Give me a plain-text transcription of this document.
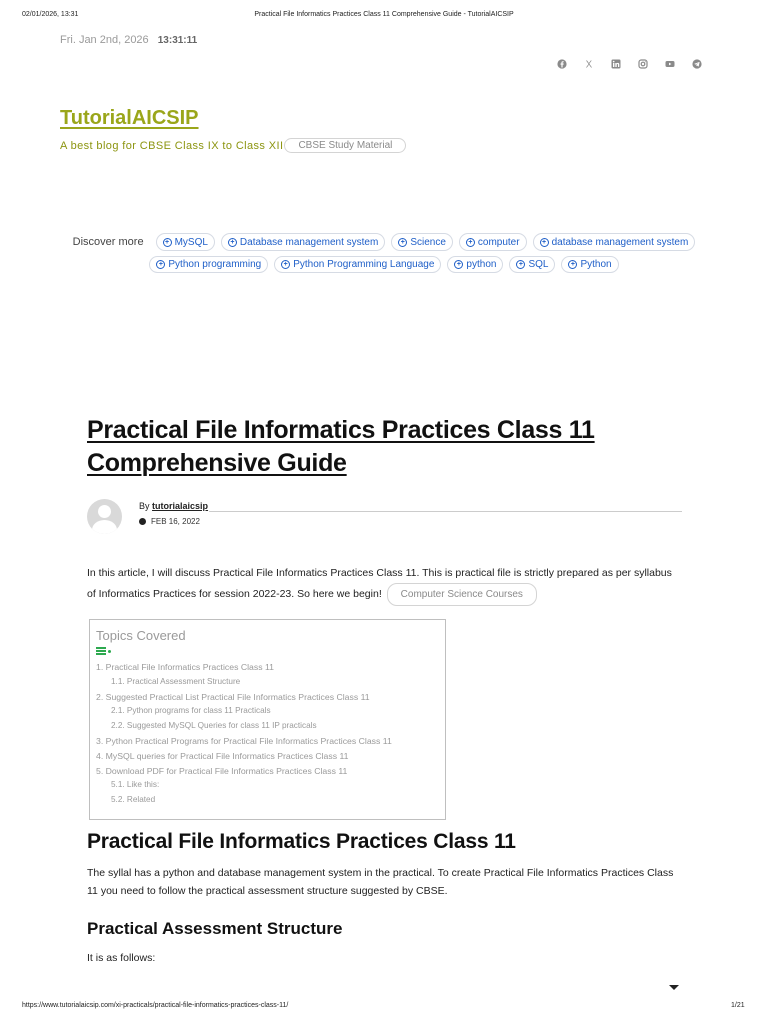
02/01/2026, 13:31	Practical File Informatics Practices Class 11 Comprehensive Guide - TutorialAICSIP
Fri. Jan 2nd, 2026 13:31:11
TutorialAICSIP
A best blog for CBSE Class IX to Class XII	CBSE Study Material
Discover more	+ MySQL	+ Database management system	+ Science	+ computer	+ database management system
+ Python programming	+ Python Programming Language	+ python	+ SQL	+ Python
Practical File Informatics Practices Class 11 Comprehensive Guide
By tutorialaicsip
FEB 16, 2022
In this article, I will discuss Practical File Informatics Practices Class 11. This is practical file is strictly prepared as per syllabus of Informatics Practices for session 2022-23. So here we begin! Computer Science Courses
Topics Covered
1. Practical File Informatics Practices Class 11
1.1. Practical Assessment Structure
2. Suggested Practical List Practical File Informatics Practices Class 11
2.1. Python programs for class 11 Practicals
2.2. Suggested MySQL Queries for class 11 IP practicals
3. Python Practical Programs for Practical File Informatics Practices Class 11
4. MySQL queries for Practical File Informatics Practices Class 11
5. Download PDF for Practical File Informatics Practices Class 11
5.1. Like this:
5.2. Related
Practical File Informatics Practices Class 11

The syllal has a python and database management system in the practical. To create Practical File Informatics Practices Class 11 you need to follow the practical assessment structure suggested by CBSE.

Practical Assessment Structure

It is as follows:

https://www.tutorialaicsip.com/xi-practicals/practical-file-informatics-practices-class-11/	1/21
